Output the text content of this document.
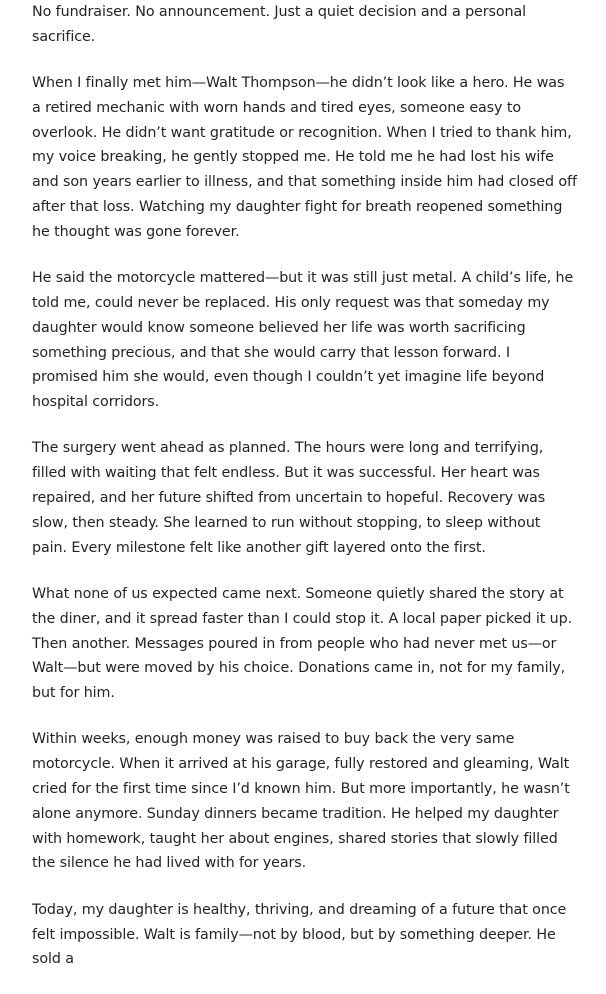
No fundraiser. No announcement. Just a quiet decision and a personal sacrifice.

When I finally met him—Walt Thompson—he didn’t look like a hero. He was a retired mechanic with worn hands and tired eyes, someone easy to overlook. He didn’t want gratitude or recognition. When I tried to thank him, my voice breaking, he gently stopped me. He told me he had lost his wife and son years earlier to illness, and that something inside him had closed off after that loss. Watching my daughter fight for breath reopened something he thought was gone forever.

He said the motorcycle mattered—but it was still just metal. A child’s life, he told me, could never be replaced. His only request was that someday my daughter would know someone believed her life was worth sacrificing something precious, and that she would carry that lesson forward. I promised him she would, even though I couldn’t yet imagine life beyond hospital corridors.

The surgery went ahead as planned. The hours were long and terrifying, filled with waiting that felt endless. But it was successful. Her heart was repaired, and her future shifted from uncertain to hopeful. Recovery was slow, then steady. She learned to run without stopping, to sleep without pain. Every milestone felt like another gift layered onto the first.

What none of us expected came next. Someone quietly shared the story at the diner, and it spread faster than I could stop it. A local paper picked it up. Then another. Messages poured in from people who had never met us—or Walt—but were moved by his choice. Donations came in, not for my family, but for him.

Within weeks, enough money was raised to buy back the very same motorcycle. When it arrived at his garage, fully restored and gleaming, Walt cried for the first time since I’d known him. But more importantly, he wasn’t alone anymore. Sunday dinners became tradition. He helped my daughter with homework, taught her about engines, shared stories that slowly filled the silence he had lived with for years.

Today, my daughter is healthy, thriving, and dreaming of a future that once felt impossible. Walt is family—not by blood, but by something deeper. He sold a
